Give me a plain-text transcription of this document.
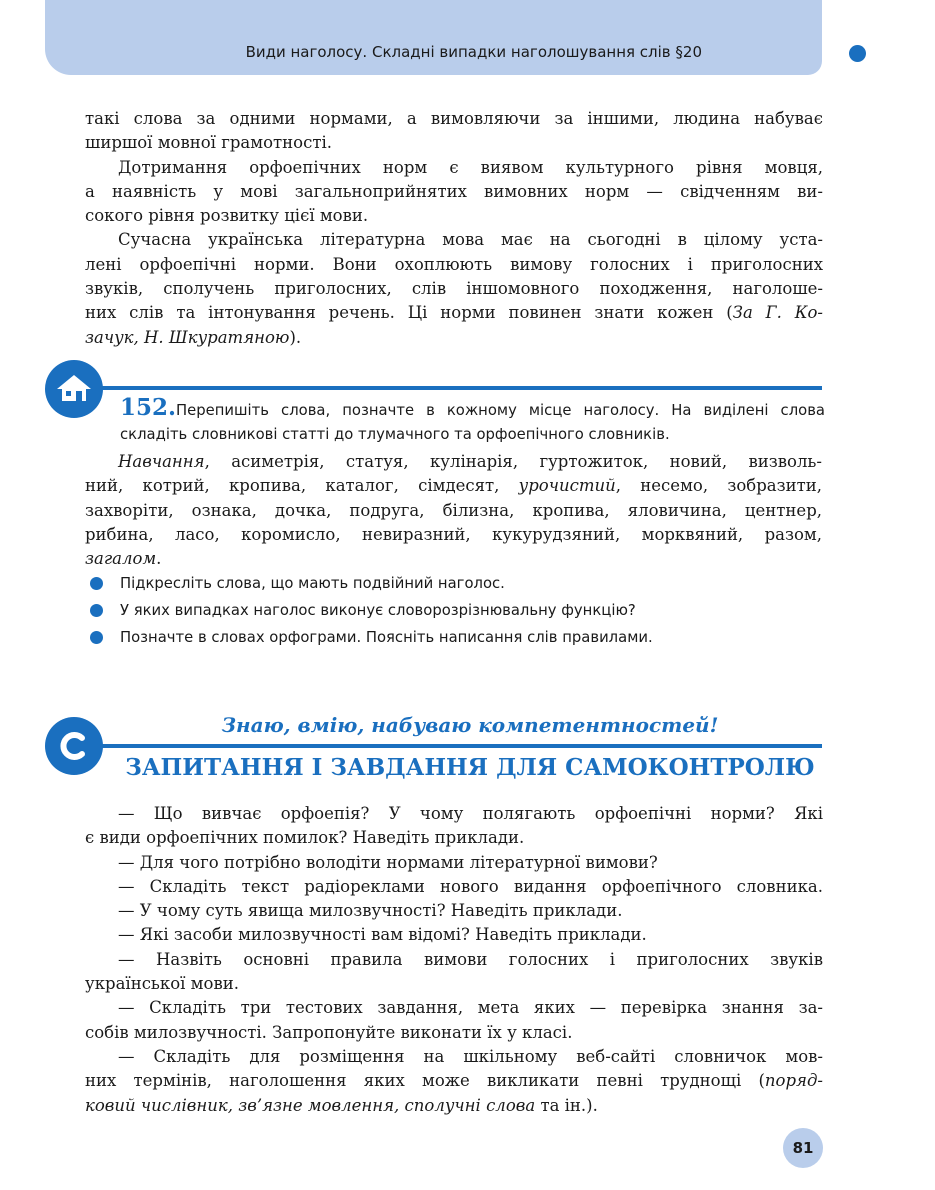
Види наголосу. Складні випадки наголошування слів §20
такі слова за одними нормами, а вимовляючи за іншими, людина набуває
ширшої мовної грамотності.
Дотримання орфоепічних норм є виявом культурного рівня мовця,
а наявність у мові загальноприйнятих вимовних норм — свідченням ви-
сокого рівня розвитку цієї мови.
Сучасна українська літературна мова має на сьогодні в цілому уста-
лені орфоепічні норми. Вони охоплюють вимову голосних і приголосних
звуків, сполучень приголосних, слів іншомовного походження, наголоше-
них слів та інтонування речень. Ці норми повинен знати кожен (За Г. Ко-
зачук, Н. Шкуратяною).
152. Перепишіть слова, позначте в кожному місце наголосу. На виділені слова
складіть словникові статті до тлумачного та орфоепічного словників.
Навчання, асиметрія, статуя, кулінарія, гуртожиток, новий, визволь-
ний, котрий, кропива, каталог, сімдесят, урочистий, несемо, зобразити,
захворіти, ознака, дочка, подруга, білизна, кропива, яловичина, центнер,
рибина, ласо, коромисло, невиразний, кукурудзяний, морквяний, разом,
загалом.
Підкресліть слова, що мають подвійний наголос.
У яких випадках наголос виконує словорозрізнювальну функцію?
Позначте в словах орфограми. Поясніть написання слів правилами.
Знаю, вмію, набуваю компетентностей!
ЗАПИТАННЯ І ЗАВДАННЯ ДЛЯ САМОКОНТРОЛЮ
— Що вивчає орфоепія? У чому полягають орфоепічні норми? Які
є види орфоепічних помилок? Наведіть приклади.
— Для чого потрібно володіти нормами літературної вимови?
— Складіть текст радіореклами нового видання орфоепічного словника.
— У чому суть явища милозвучності? Наведіть приклади.
— Які засоби милозвучності вам відомі? Наведіть приклади.
— Назвіть основні правила вимови голосних і приголосних звуків
української мови.
— Складіть три тестових завдання, мета яких — перевірка знання за-
собів милозвучності. Запропонуйте виконати їх у класі.
— Складіть для розміщення на шкільному веб-сайті словничок мов-
них термінів, наголошення яких може викликати певні труднощі (поряд-
ковий числівник, зв’язне мовлення, сполучні слова та ін.).
81
